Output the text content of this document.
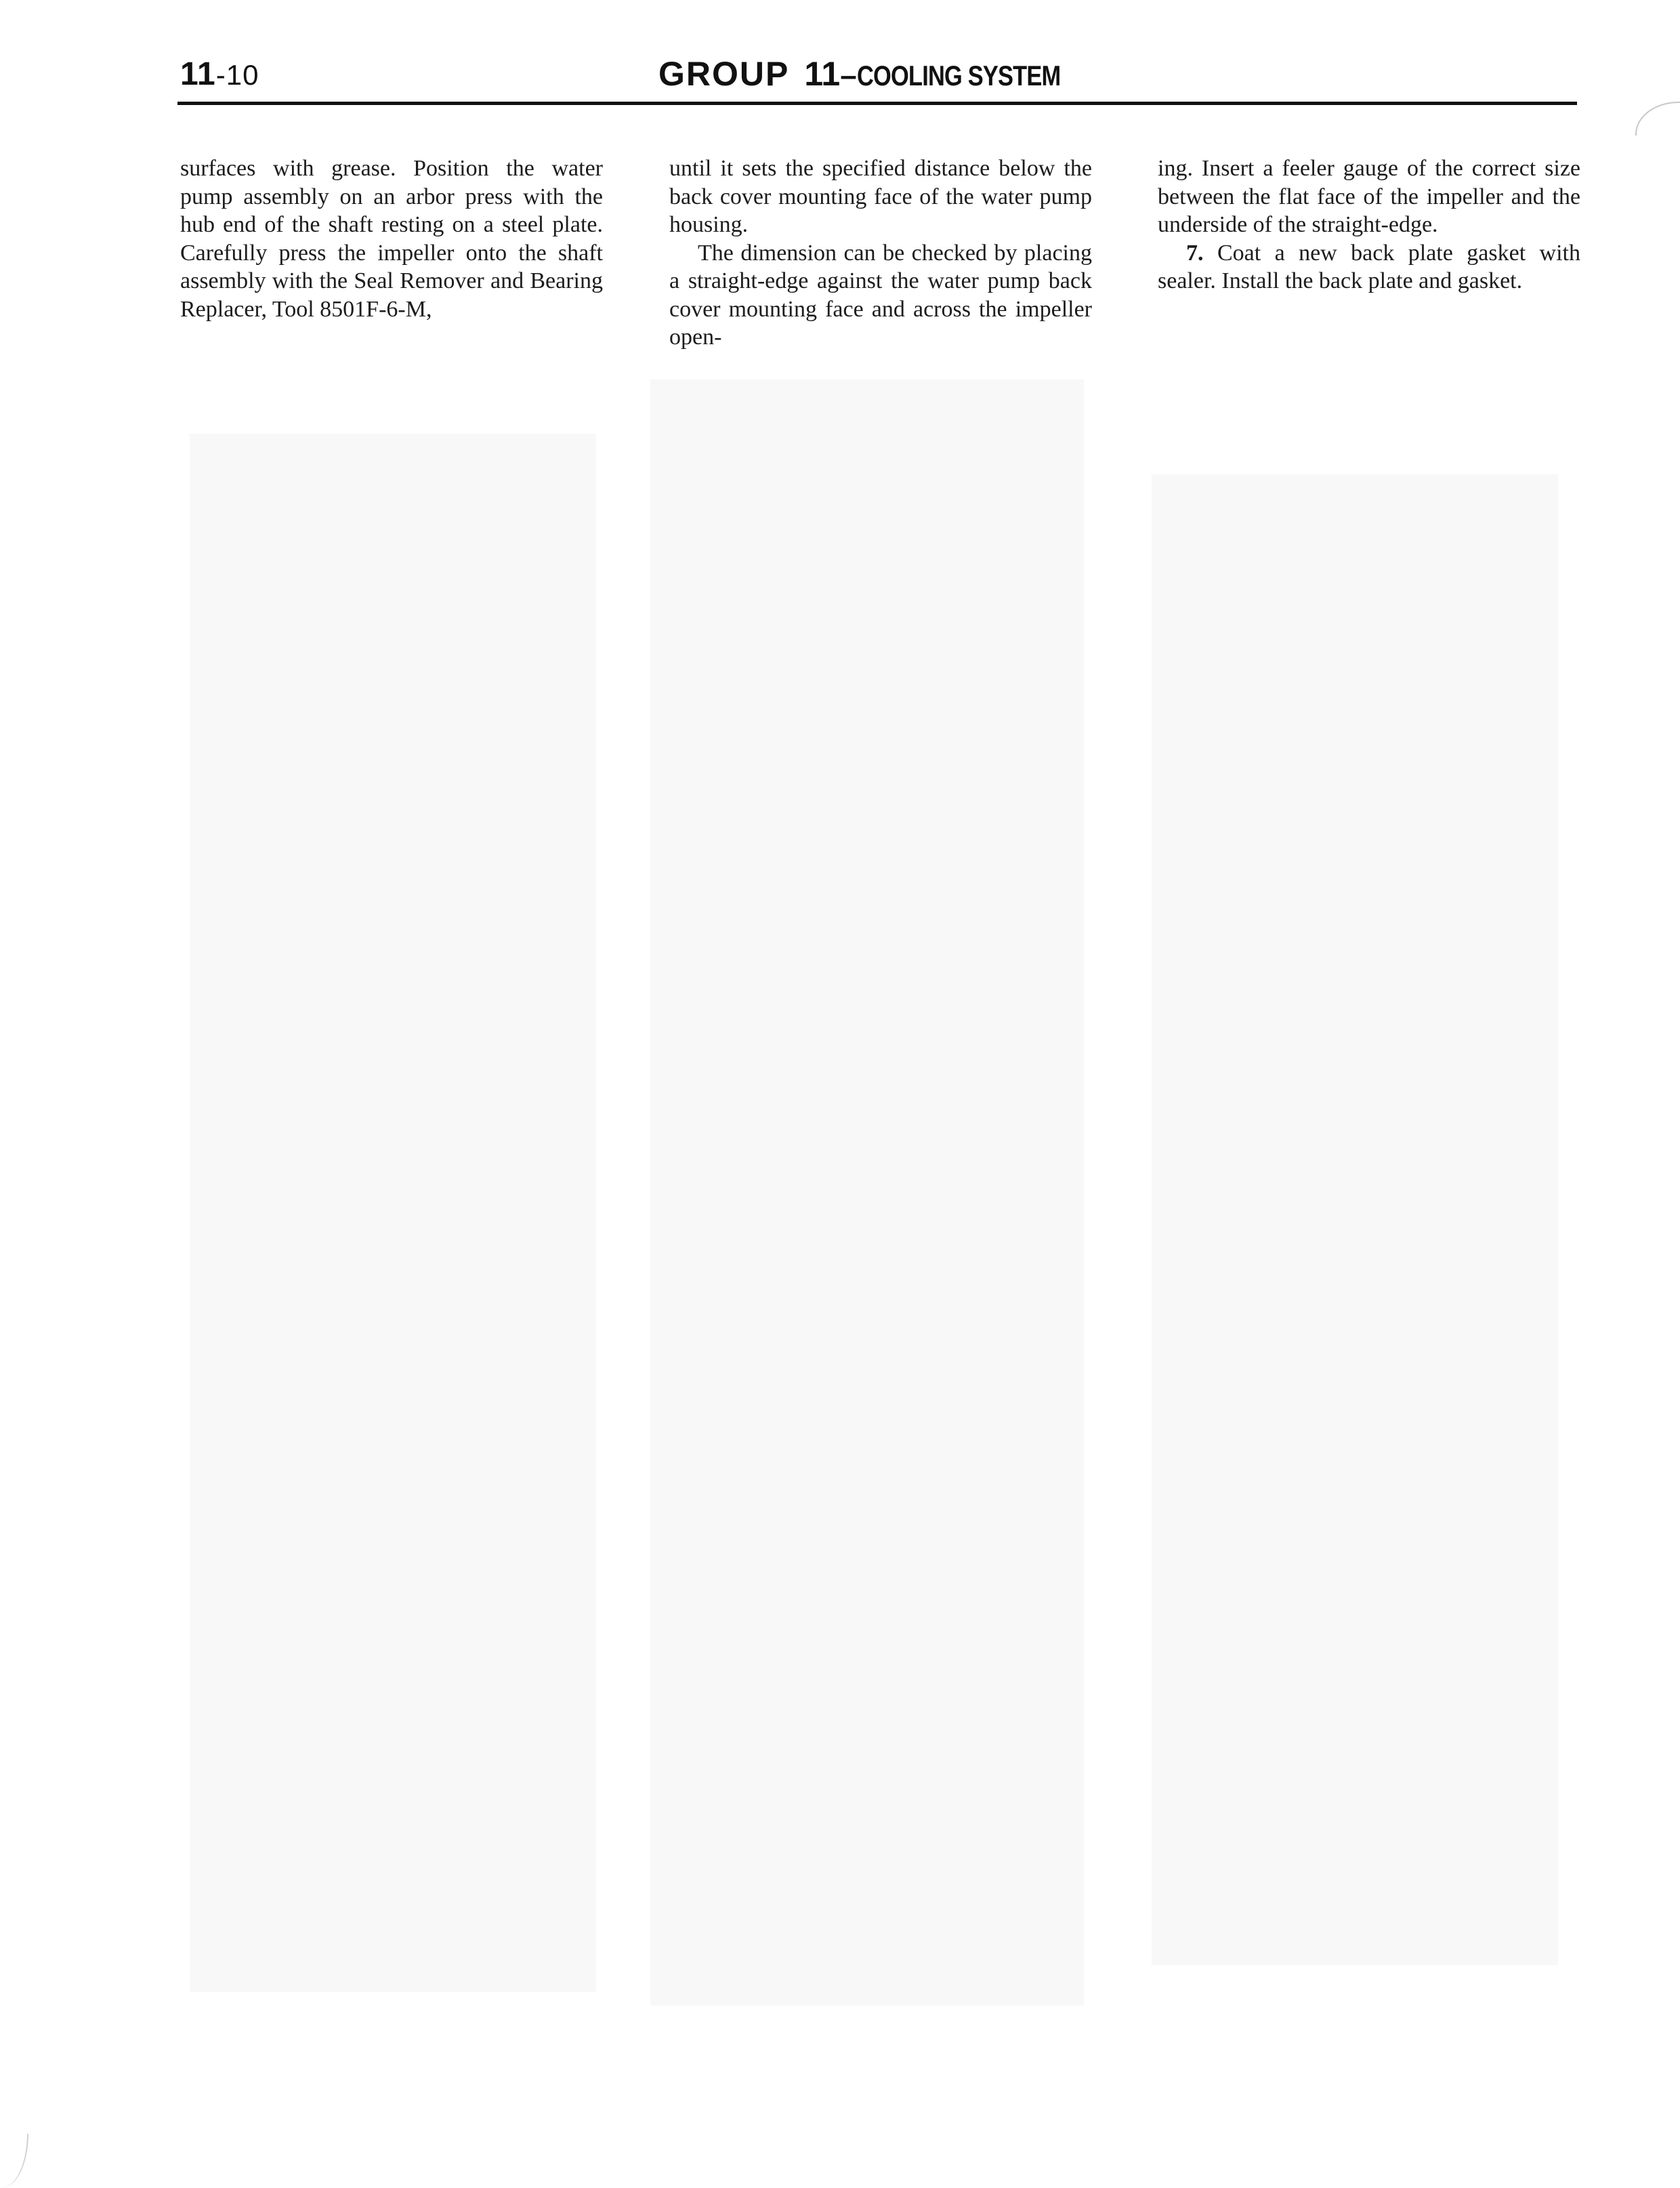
11-10	GROUP 11–COOLING SYSTEM

surfaces with grease. Position the water pump assembly on an arbor press with the hub end of the shaft resting on a steel plate. Carefully press the impeller onto the shaft assembly with the Seal Remover and Bearing Replacer, Tool 8501F-6-M,

until it sets the specified distance below the back cover mounting face of the water pump housing.

The dimension can be checked by placing a straight-edge against the water pump back cover mounting face and across the impeller open-

ing. Insert a feeler gauge of the correct size between the flat face of the impeller and the underside of the straight-edge.

7. Coat a new back plate gasket with sealer. Install the back plate and gasket.
